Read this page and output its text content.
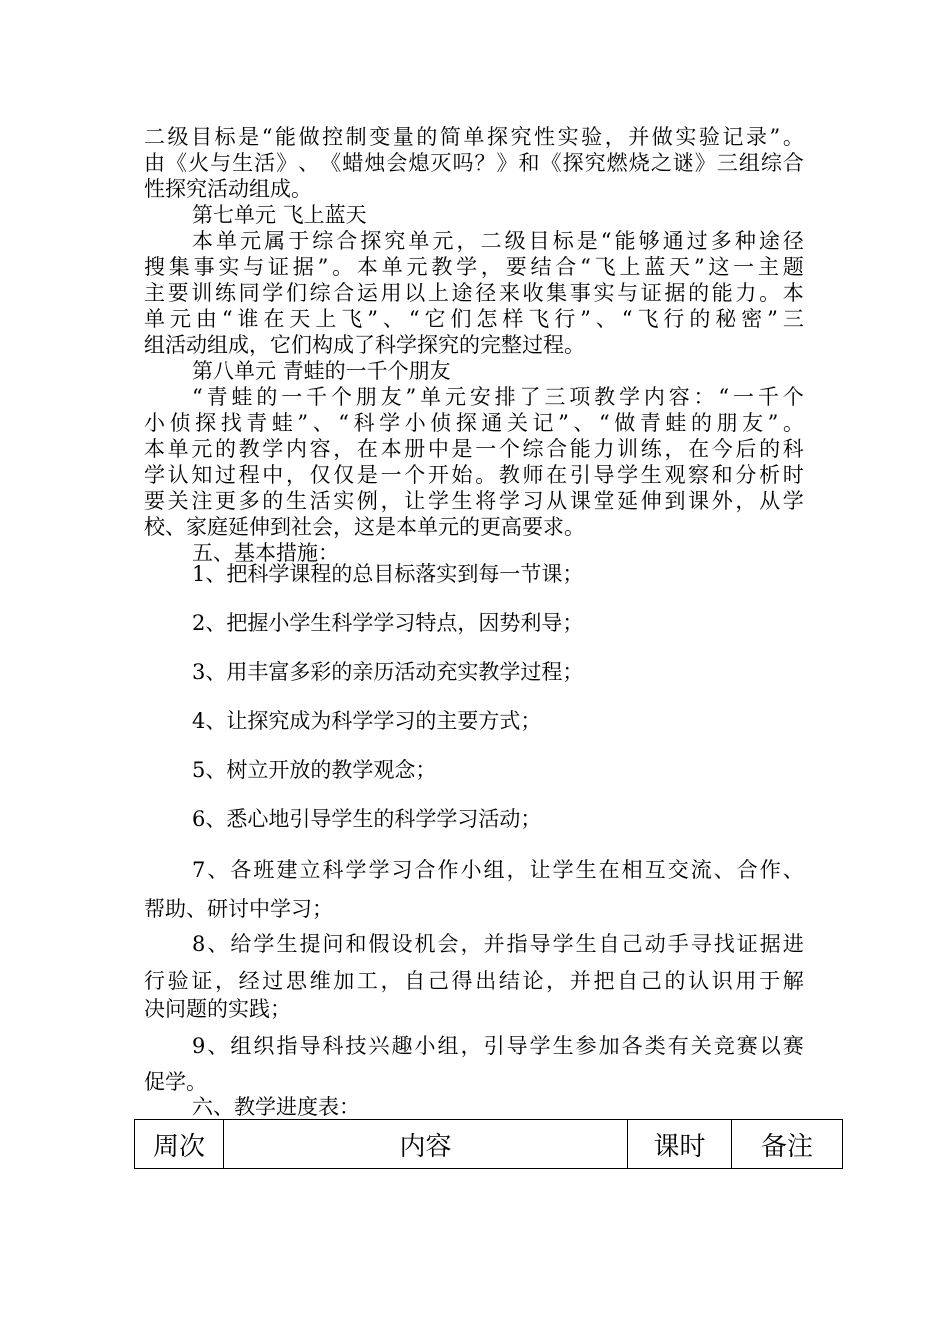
二 级 目 标 是 “ 能 做 控 制 变 量 的 简 单 探 究 性 实 验 ， 并 做 实 验 记 录 ” 。
由 《 火 与 生 活 》 、 《 蜡 烛 会 熄 灭 吗 ？ 》 和 《 探 究 燃 烧 之 谜 》 三 组 综 合
性探究活动组成。
第七单元 飞上蓝天
本 单 元 属 于 综 合 探 究 单 元 ， 二 级 目 标 是 “ 能 够 通 过 多 种 途 径
搜 集 事 实 与 证 据 ” 。 本 单 元 教 学 ， 要 结 合 “ 飞 上 蓝 天 ” 这 一 主 题
主 要 训 练 同 学 们 综 合 运 用 以 上 途 径 来 收 集 事 实 与 证 据 的 能 力 。 本
单 元 由 “ 谁 在 天 上 飞 ” 、 “ 它 们 怎 样 飞 行 ” 、 “ 飞 行 的 秘 密 ” 三
组活动组成，它们构成了科学探究的完整过程。
第八单元 青蛙的一千个朋友
“ 青 蛙 的 一 千 个 朋 友 ” 单 元 安 排 了 三 项 教 学 内 容 ： “ 一 千 个
小 侦 探 找 青 蛙 ” 、 “ 科 学 小 侦 探 通 关 记 ” 、 “ 做 青 蛙 的 朋 友 ” 。
本 单 元 的 教 学 内 容 ， 在 本 册 中 是 一 个 综 合 能 力 训 练 ， 在 今 后 的 科
学 认 知 过 程 中 ， 仅 仅 是 一 个 开 始 。 教 师 在 引 导 学 生 观 察 和 分 析 时
要 关 注 更 多 的 生 活 实 例 ， 让 学 生 将 学 习 从 课 堂 延 伸 到 课 外 ， 从 学
校、家庭延伸到社会，这是本单元的更高要求。
五、基本措施：
1、把科学课程的总目标落实到每一节课；
2、把握小学生科学学习特点，因势利导；
3、用丰富多彩的亲历活动充实教学过程；
4、让探究成为科学学习的主要方式；
5、树立开放的教学观念；
6、悉心地引导学生的科学学习活动；
7 、 各 班 建 立 科 学 学 习 合 作 小 组 ， 让 学 生 在 相 互 交 流 、 合 作 、
帮助、研讨中学习；
8 、 给 学 生 提 问 和 假 设 机 会 ， 并 指 导 学 生 自 己 动 手 寻 找 证 据 进
行 验 证 ， 经 过 思 维 加 工 ， 自 己 得 出 结 论 ， 并 把 自 己 的 认 识 用 于 解
决问题的实践；
9 、 组 织 指 导 科 技 兴 趣 小 组 ， 引 导 学 生 参 加 各 类 有 关 竞 赛 以 赛
促学。
六、教学进度表：
周次	内容	课时	备注
